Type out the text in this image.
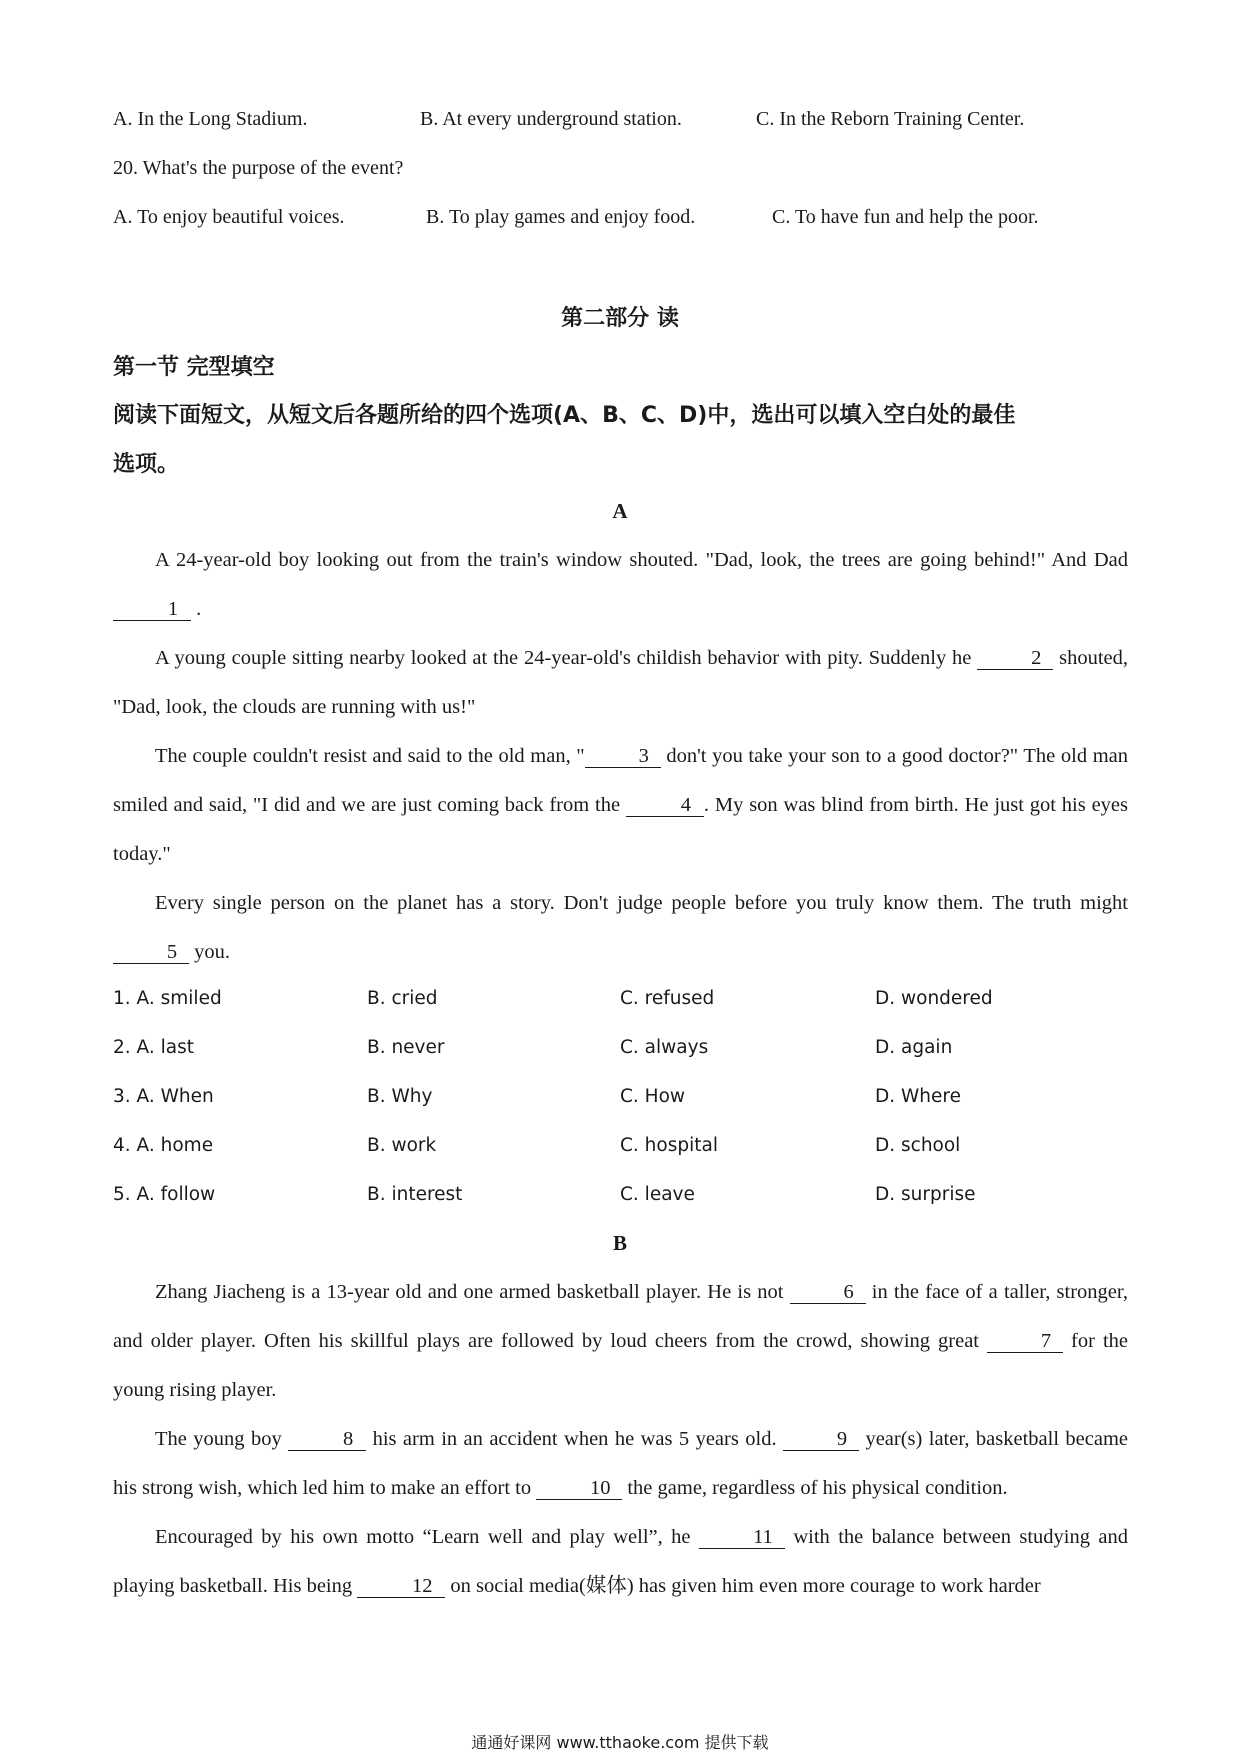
A. In the Long Stadium.	B. At every underground station.	C. In the Reborn Training Center.
20. What's the purpose of the event?
A. To enjoy beautiful voices.	B. To play games and enjoy food.	C. To have fun and help the poor.
第二部分 读
第一节 完型填空
阅读下面短文，从短文后各题所给的四个选项(A、B、C、D)中，选出可以填入空白处的最佳
选项。
A
A 24-year-old boy looking out from the train's window shouted. "Dad, look, the trees are going behind!" And Dad 1 .
A young couple sitting nearby looked at the 24-year-old's childish behavior with pity. Suddenly he	2 shouted, "Dad, look, the clouds are running with us!"
The couple couldn't resist and said to the old man, "	3 don't you take your son to a good doctor?" The old man smiled and said, "I did and we are just coming back from the	4 . My son was blind from birth. He just got his eyes today."
Every single person on the planet has a story. Don't judge people before you truly know them. The truth might 5 you.
1. A. smiled	B. cried	C. refused	D. wondered
2. A. last	B. never	C. always	D. again
3. A. When	B. Why	C. How	D. Where
4. A. home	B. work	C. hospital	D. school
5. A. follow	B. interest	C. leave	D. surprise
B
Zhang Jiacheng is a 13-year old and one armed basketball player. He is not	6 in the face of a taller, stronger, and older player. Often his skillful plays are followed by loud cheers from the crowd, showing great	7 for the young rising player.
The young boy	8 his arm in an accident when he was 5 years old.	9 year(s) later, basketball became his strong wish, which led him to make an effort to	10 the game, regardless of his physical condition.
Encouraged by his own motto “Learn well and play well”, he	11 with the balance between studying and playing basketball. His being	12 on social media(媒体) has given him even more courage to work harder
通通好课网 www.tthaoke.com 提供下载
